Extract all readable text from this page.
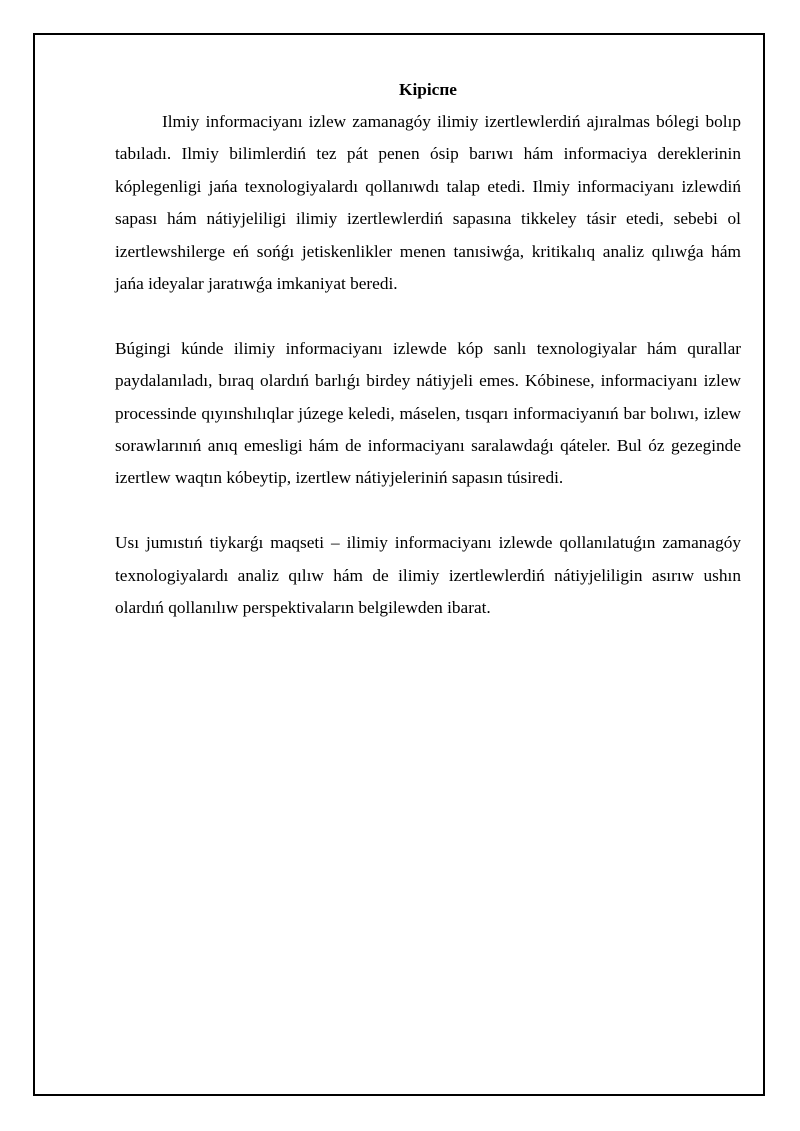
Kipicпe

Ilmiy informaciyanı izlew zamanagóy ilimiy izertlewlerdiń ajıralmas bólegi bolıp tabıladı. Ilmiy bilimlerdiń tez pát penen ósip barıwı hám informaciya dereklerinin kóplegenligi jańa texnologiyalardı qollanıwdı talap etedi. Ilmiy informaciyanı izlewdiń sapası hám nátiyjeliligi ilimiy izertlewlerdiń sapasına tikkeley tásir etedi, sebebi ol izertlewshilerge eń sońǵı jetiskenlikler menen tanısiwǵa, kritikalıq analiz qılıwǵa hám jańa ideyalar jaratıwǵa imkaniyat beredi.

Búgingi kúnde ilimiy informaciyanı izlewde kóp sanlı texnologiyalar hám qurallar paydalanıladı, bıraq olardıń barlıǵı birdey nátiyjeli emes. Kóbinese, informaciyanı izlew processinde qıyınshılıqlar júzege keledi, máselen, tısqarı informaciyanıń bar bolıwı, izlew sorawlarınıń anıq emesligi hám de informaciyanı saralawdaǵı qáteler. Bul óz gezeginde izertlew waqtın kóbeytip, izertlew nátiyjeleriniń sapasın túsiredi.

Usı jumıstıń tiykarǵı maqseti – ilimiy informaciyanı izlewde qollanılatuǵın zamanagóy texnologiyalardı analiz qılıw hám de ilimiy izertlewlerdiń nátiyjeliligin asırıw ushın olardıń qollanılıw perspektivaların belgilewden ibarat.
